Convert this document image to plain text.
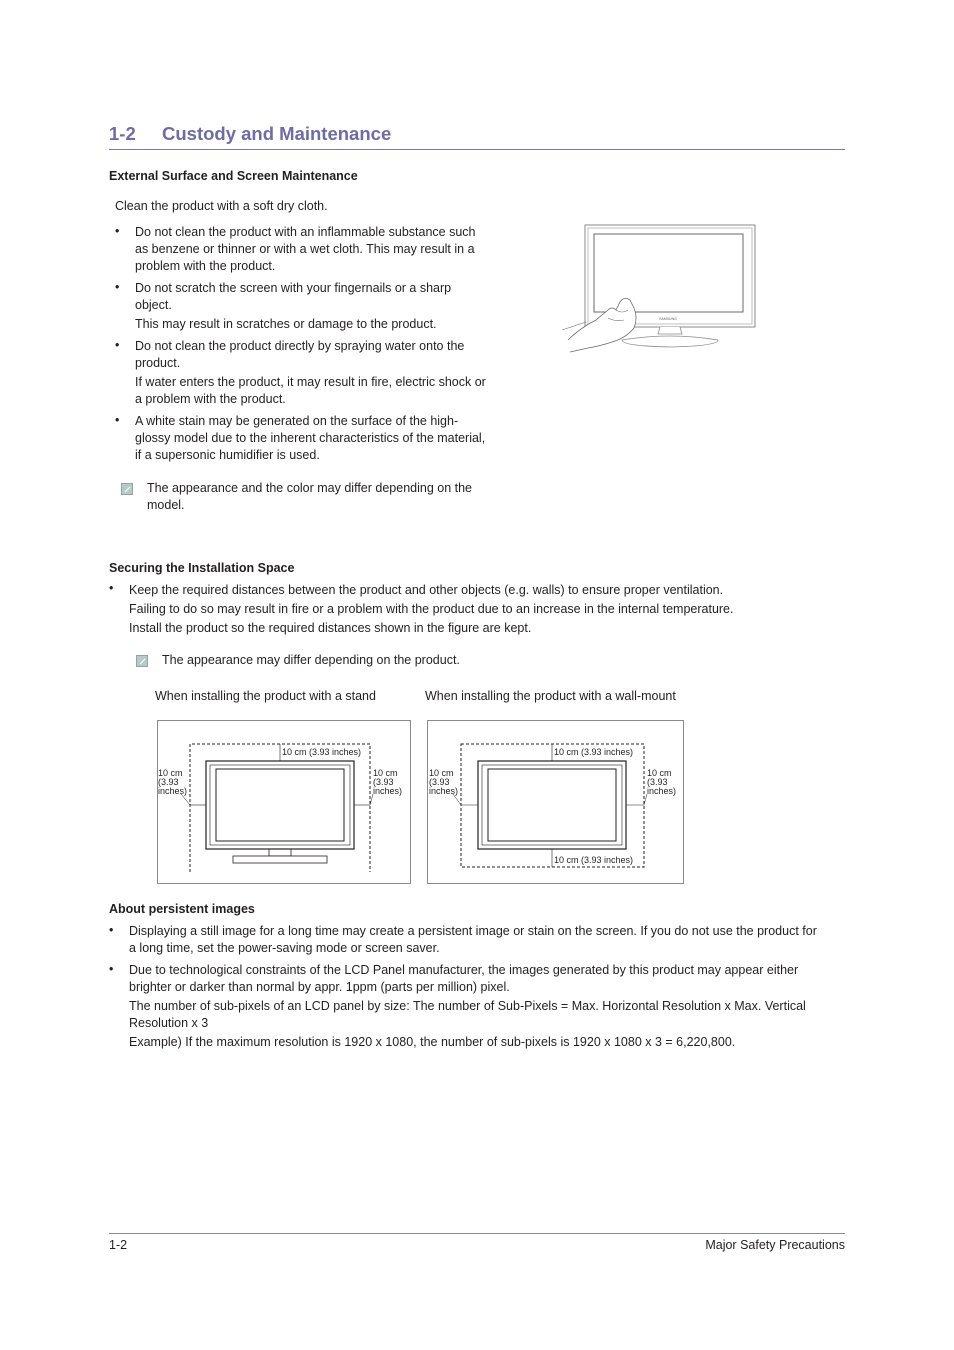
1-2 Custody and Maintenance
External Surface and Screen Maintenance
Clean the product with a soft dry cloth.
• Do not clean the product with an inflammable substance such
as benzene or thinner or with a wet cloth. This may result in a
problem with the product.
• Do not scratch the screen with your fingernails or a sharp
object.
This may result in scratches or damage to the product.
• Do not clean the product directly by spraying water onto the
product.
If water enters the product, it may result in fire, electric shock or
a problem with the product.
• A white stain may be generated on the surface of the high-
glossy model due to the inherent characteristics of the material,
if a supersonic humidifier is used.
The appearance and the color may differ depending on the
model.
SAMSUNG
Securing the Installation Space
• Keep the required distances between the product and other objects (e.g. walls) to ensure proper ventilation.
Failing to do so may result in fire or a problem with the product due to an increase in the internal temperature.
Install the product so the required distances shown in the figure are kept.
The appearance may differ depending on the product.
When installing the product with a stand	When installing the product with a wall-mount
10 cm (3.93 inches)
10 cm (3.93 inches)
10 cm (3.93 inches)
10 cm (3.93 inches)
10 cm (3.93 inches)
10 cm (3.93 inches)
10 cm (3.93 inches)
About persistent images
• Displaying a still image for a long time may create a persistent image or stain on the screen. If you do not use the product for
a long time, set the power-saving mode or screen saver.
• Due to technological constraints of the LCD Panel manufacturer, the images generated by this product may appear either
brighter or darker than normal by appr. 1ppm (parts per million) pixel.
The number of sub-pixels of an LCD panel by size: The number of Sub-Pixels = Max. Horizontal Resolution x Max. Vertical
Resolution x 3
Example) If the maximum resolution is 1920 x 1080, the number of sub-pixels is 1920 x 1080 x 3 = 6,220,800.
1-2	Major Safety Precautions
